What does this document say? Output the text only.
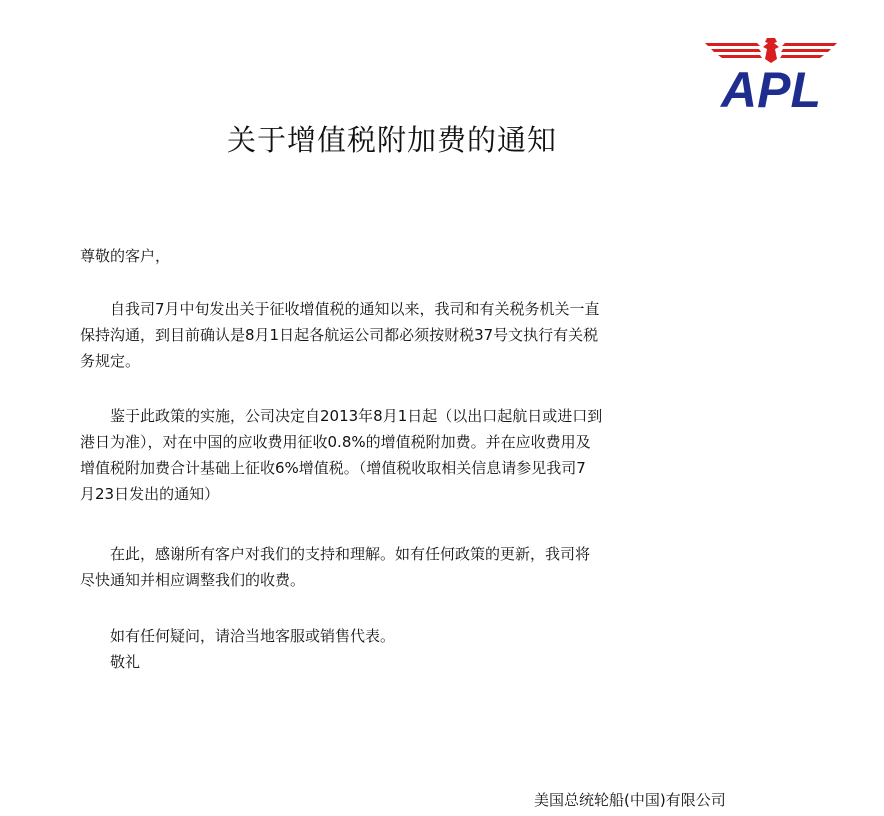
APL
关于增值税附加费的通知

尊敬的客户，

自我司7月中旬发出关于征收增值税的通知以来，我司和有关税务机关一直

保持沟通，到目前确认是8月1日起各航运公司都必须按财税37号文执行有关税

务规定。

鉴于此政策的实施，公司决定自2013年8月1日起（以出口起航日或进口到

港日为准），对在中国的应收费用征收0.8%的增值税附加费。并在应收费用及

增值税附加费合计基础上征收6%增值税。（增值税收取相关信息请参见我司7

月23日发出的通知）

在此，感谢所有客户对我们的支持和理解。如有任何政策的更新，我司将

尽快通知并相应调整我们的收费。

如有任何疑问，请洽当地客服或销售代表。

敬礼

美国总统轮船(中国)有限公司
